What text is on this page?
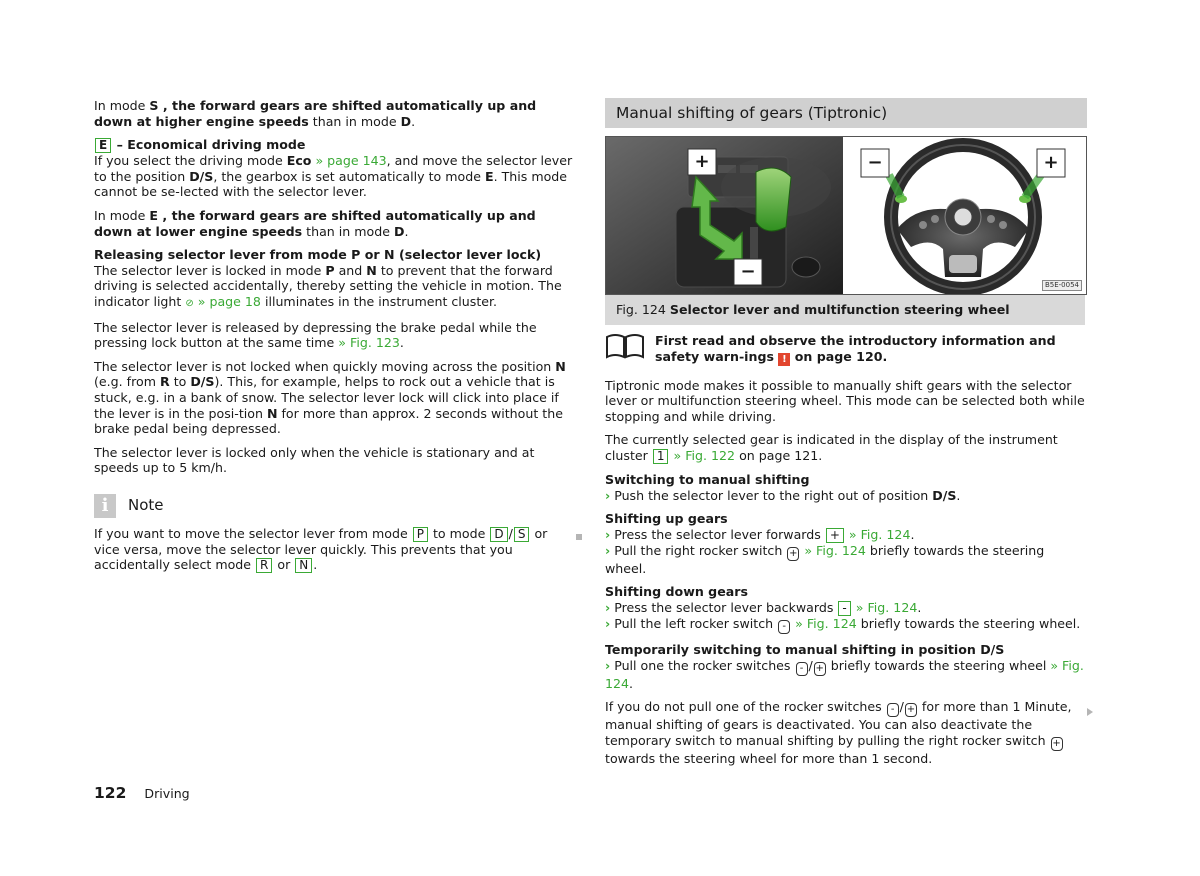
In mode S , the forward gears are shifted automatically up and down at higher engine speeds than in mode D.

E – Economical driving mode

If you select the driving mode Eco » page 143, and move the selector lever to the position D/S, the gearbox is set automatically to mode E. This mode cannot be se-lected with the selector lever.

In mode E , the forward gears are shifted automatically up and down at lower engine speeds than in mode D.

Releasing selector lever from mode P or N (selector lever lock)

The selector lever is locked in mode P and N to prevent that the forward driving is selected accidentally, thereby setting the vehicle in motion. The indicator light ⊘ » page 18 illuminates in the instrument cluster.

The selector lever is released by depressing the brake pedal while the pressing lock button at the same time » Fig. 123.

The selector lever is not locked when quickly moving across the position N (e.g. from R to D/S). This, for example, helps to rock out a vehicle that is stuck, e.g. in a bank of snow. The selector lever lock will click into place if the lever is in the posi-tion N for more than approx. 2 seconds without the brake pedal being depressed.

The selector lever is locked only when the vehicle is stationary and at speeds up to 5 km/h.

i	Note

If you want to move the selector lever from mode P to mode D / S or vice versa, move the selector lever quickly. This prevents that you accidentally select mode R or N .

Manual shifting of gears (Tiptronic)
+
−
−	+
B5E-0054
Fig. 124 Selector lever and multifunction steering wheel
First read and observe the introductory information and safety warn-ings ! on page 120.

Tiptronic mode makes it possible to manually shift gears with the selector lever or multifunction steering wheel. This mode can be selected both while stopping and while driving.

The currently selected gear is indicated in the display of the instrument cluster 1 » Fig. 122 on page 121.

Switching to manual shifting
› Push the selector lever to the right out of position D/S.
Shifting up gears
› Press the selector lever forwards + » Fig. 124.
› Pull the right rocker switch + » Fig. 124 briefly towards the steering wheel.
Shifting down gears
› Press the selector lever backwards - » Fig. 124.
› Pull the left rocker switch - » Fig. 124 briefly towards the steering wheel.
Temporarily switching to manual shifting in position D/S
› Pull one the rocker switches - / + briefly towards the steering wheel » Fig. 124.

If you do not pull one of the rocker switches - / + for more than 1 Minute, manual shifting of gears is deactivated. You can also deactivate the temporary switch to manual shifting by pulling the right rocker switch + towards the steering wheel for more than 1 second.

122 Driving
